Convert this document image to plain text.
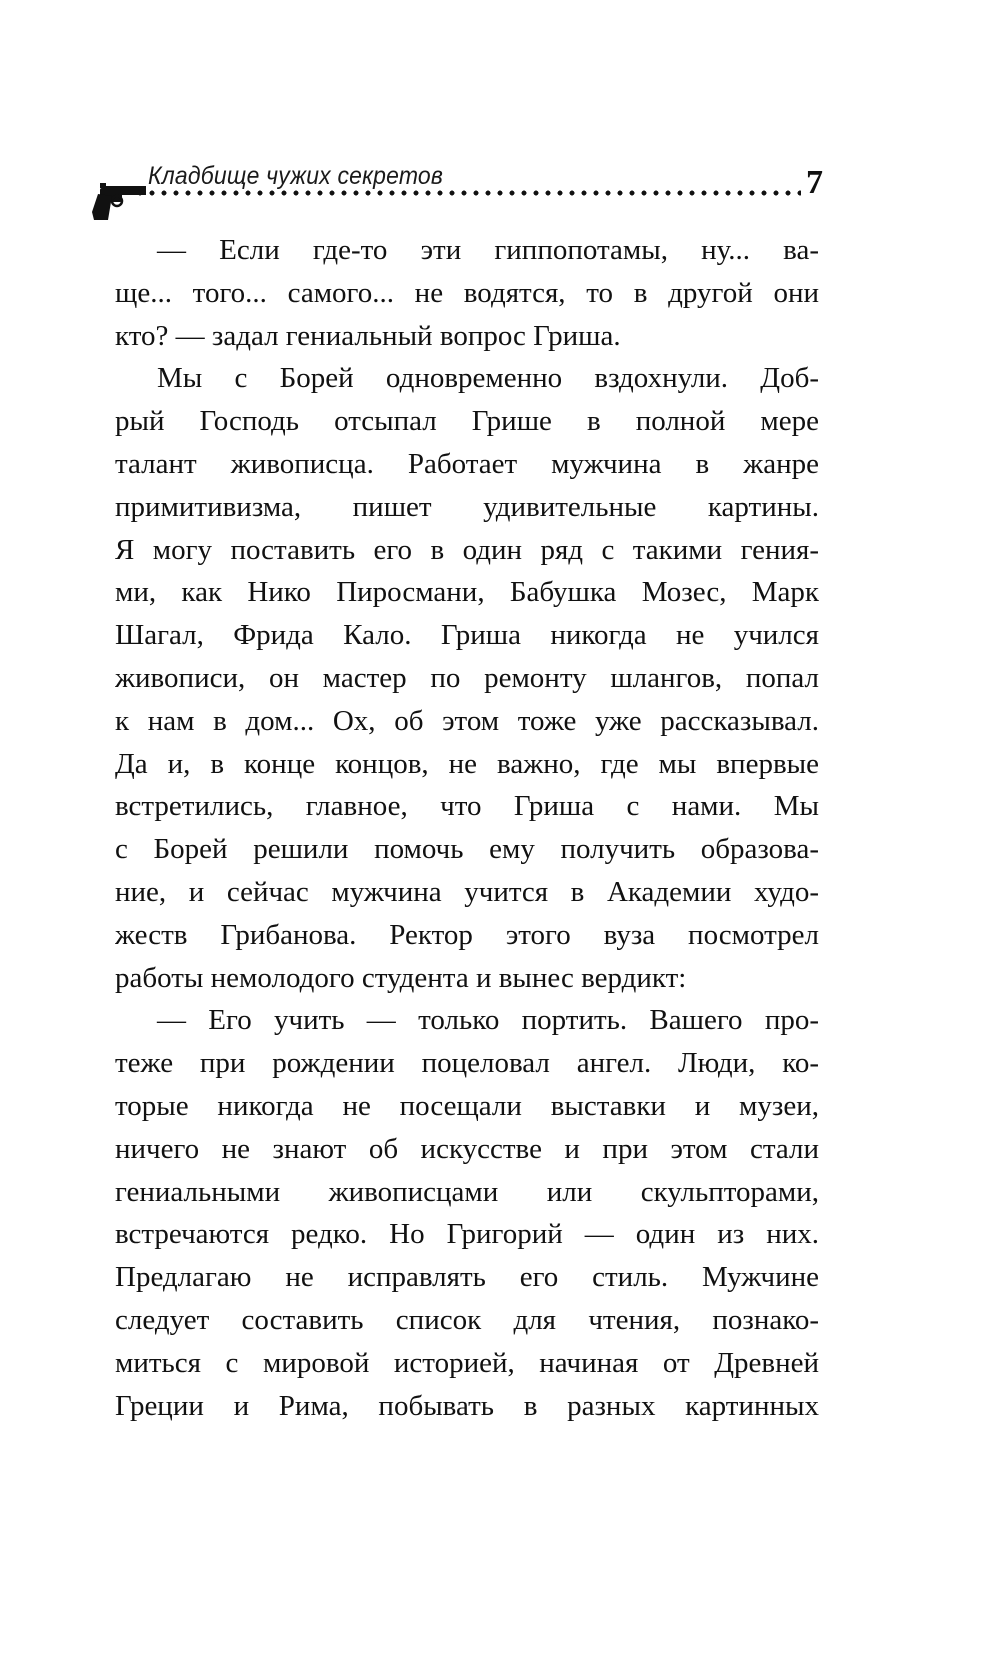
Кладбище чужих секретов	7
— Если где-то эти гиппопотамы, ну... ва-
ще... того... самого... не водятся, то в другой они
кто? — задал гениальный вопрос Гриша.
Мы с Борей одновременно вздохнули. Доб-
рый Господь отсыпал Грише в полной мере
талант живописца. Работает мужчина в жанре
примитивизма, пишет удивительные картины.
Я могу поставить его в один ряд с такими гения-
ми, как Нико Пиросмани, Бабушка Мозес, Марк
Шагал, Фрида Кало. Гриша никогда не учился
живописи, он мастер по ремонту шлангов, попал
к нам в дом... Ох, об этом тоже уже рассказывал.
Да и, в конце концов, не важно, где мы впервые
встретились, главное, что Гриша с нами. Мы
с Борей решили помочь ему получить образова-
ние, и сейчас мужчина учится в Академии худо-
жеств Грибанова. Ректор этого вуза посмотрел
работы немолодого студента и вынес вердикт:
— Его учить — только портить. Вашего про-
теже при рождении поцеловал ангел. Люди, ко-
торые никогда не посещали выставки и музеи,
ничего не знают об искусстве и при этом стали
гениальными живописцами или скульпторами,
встречаются редко. Но Григорий — один из них.
Предлагаю не исправлять его стиль. Мужчине
следует составить список для чтения, познако-
миться с мировой историей, начиная от Древней
Греции и Рима, побывать в разных картинных
